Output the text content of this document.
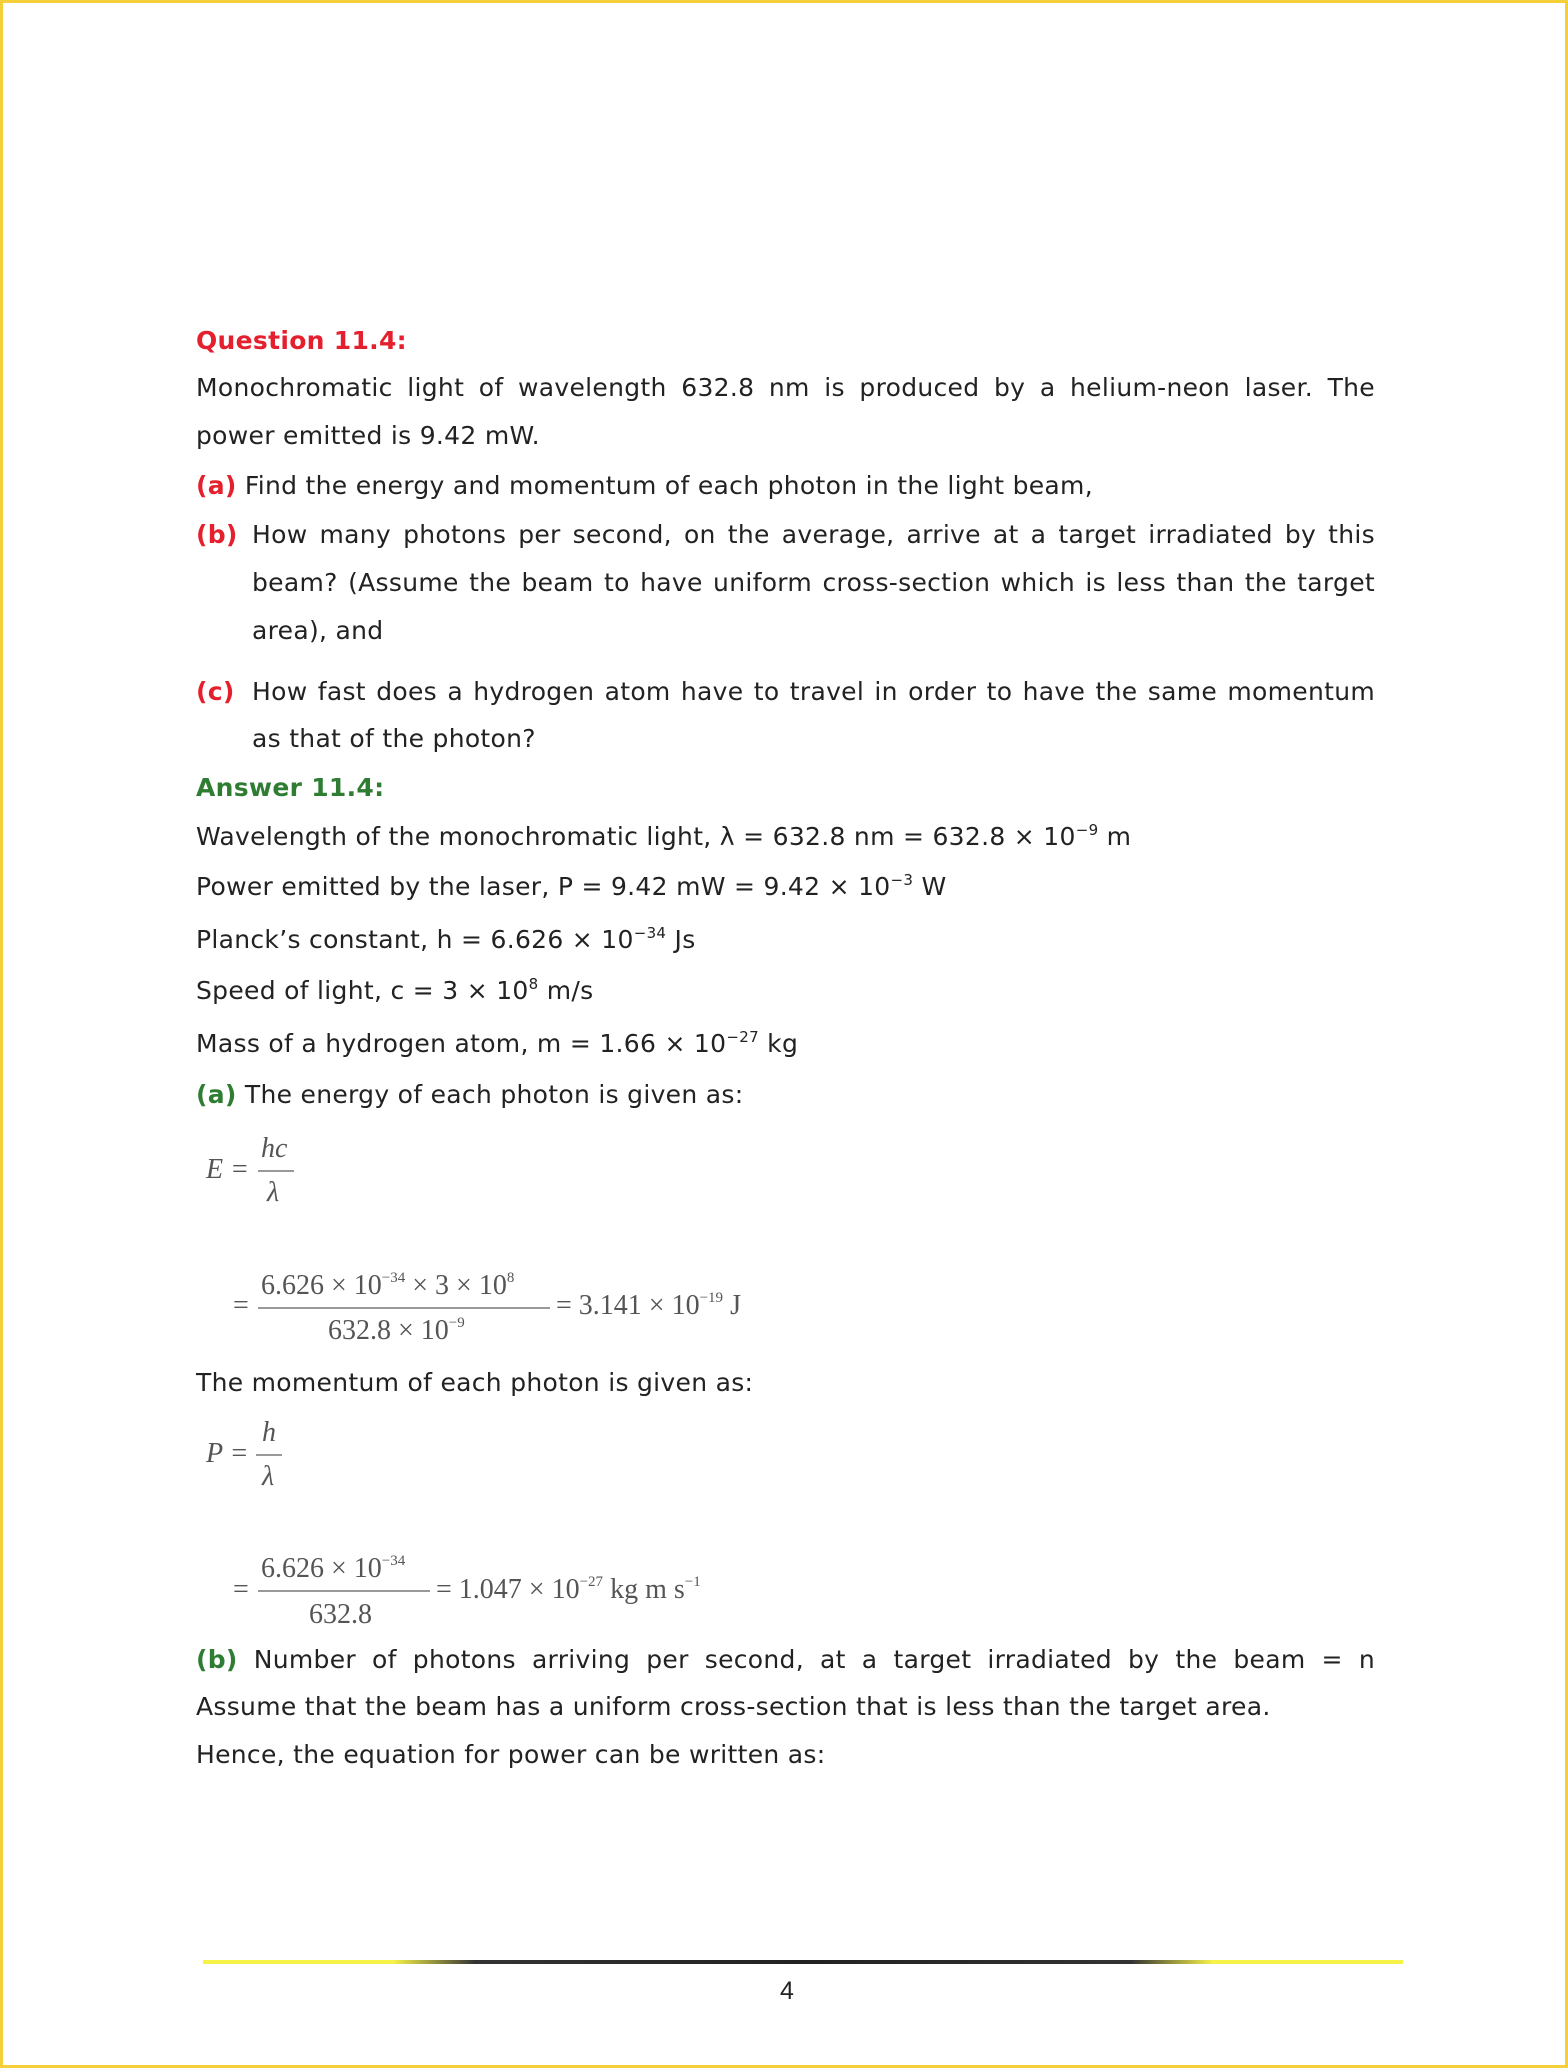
Question 11.4:
Monochromatic light of wavelength 632.8 nm is produced by a helium-neon laser. The
power emitted is 9.42 mW.
(a) Find the energy and momentum of each photon in the light beam,
(b) How many photons per second, on the average, arrive at a target irradiated by this
beam? (Assume the beam to have uniform cross-section which is less than the target
area), and
(c) How fast does a hydrogen atom have to travel in order to have the same momentum
as that of the photon?
Answer 11.4:
Wavelength of the monochromatic light, λ = 632.8 nm = $632.8 \times 10^{-9}$ m
Power emitted by the laser, P = 9.42 mW = $9.42 \times 10^{-3}$ W
Planck’s constant, $h = 6.626 \times 10^{-34}$ Js
Speed of light, $c = 3 \times 10^8$ m/s
Mass of a hydrogen atom, $m = 1.66 \times 10^{-27}$ kg
(a) The energy of each photon is given as:
E =
hc
λ
=
$6.626 \times 10^{-34} \times 3 \times 10^8$
$632.8 \times 10^{-9}$
= $3.141 \times 10^{-19}$ J
The momentum of each photon is given as:
P =
h
λ
=
$6.626 \times 10^{-34}$
632.8
= $1.047 \times 10^{-27}$ kg m $s^{-1}$
(b) Number of photons arriving per second, at a target irradiated by the beam = n
Assume that the beam has a uniform cross-section that is less than the target area.
Hence, the equation for power can be written as:
4
